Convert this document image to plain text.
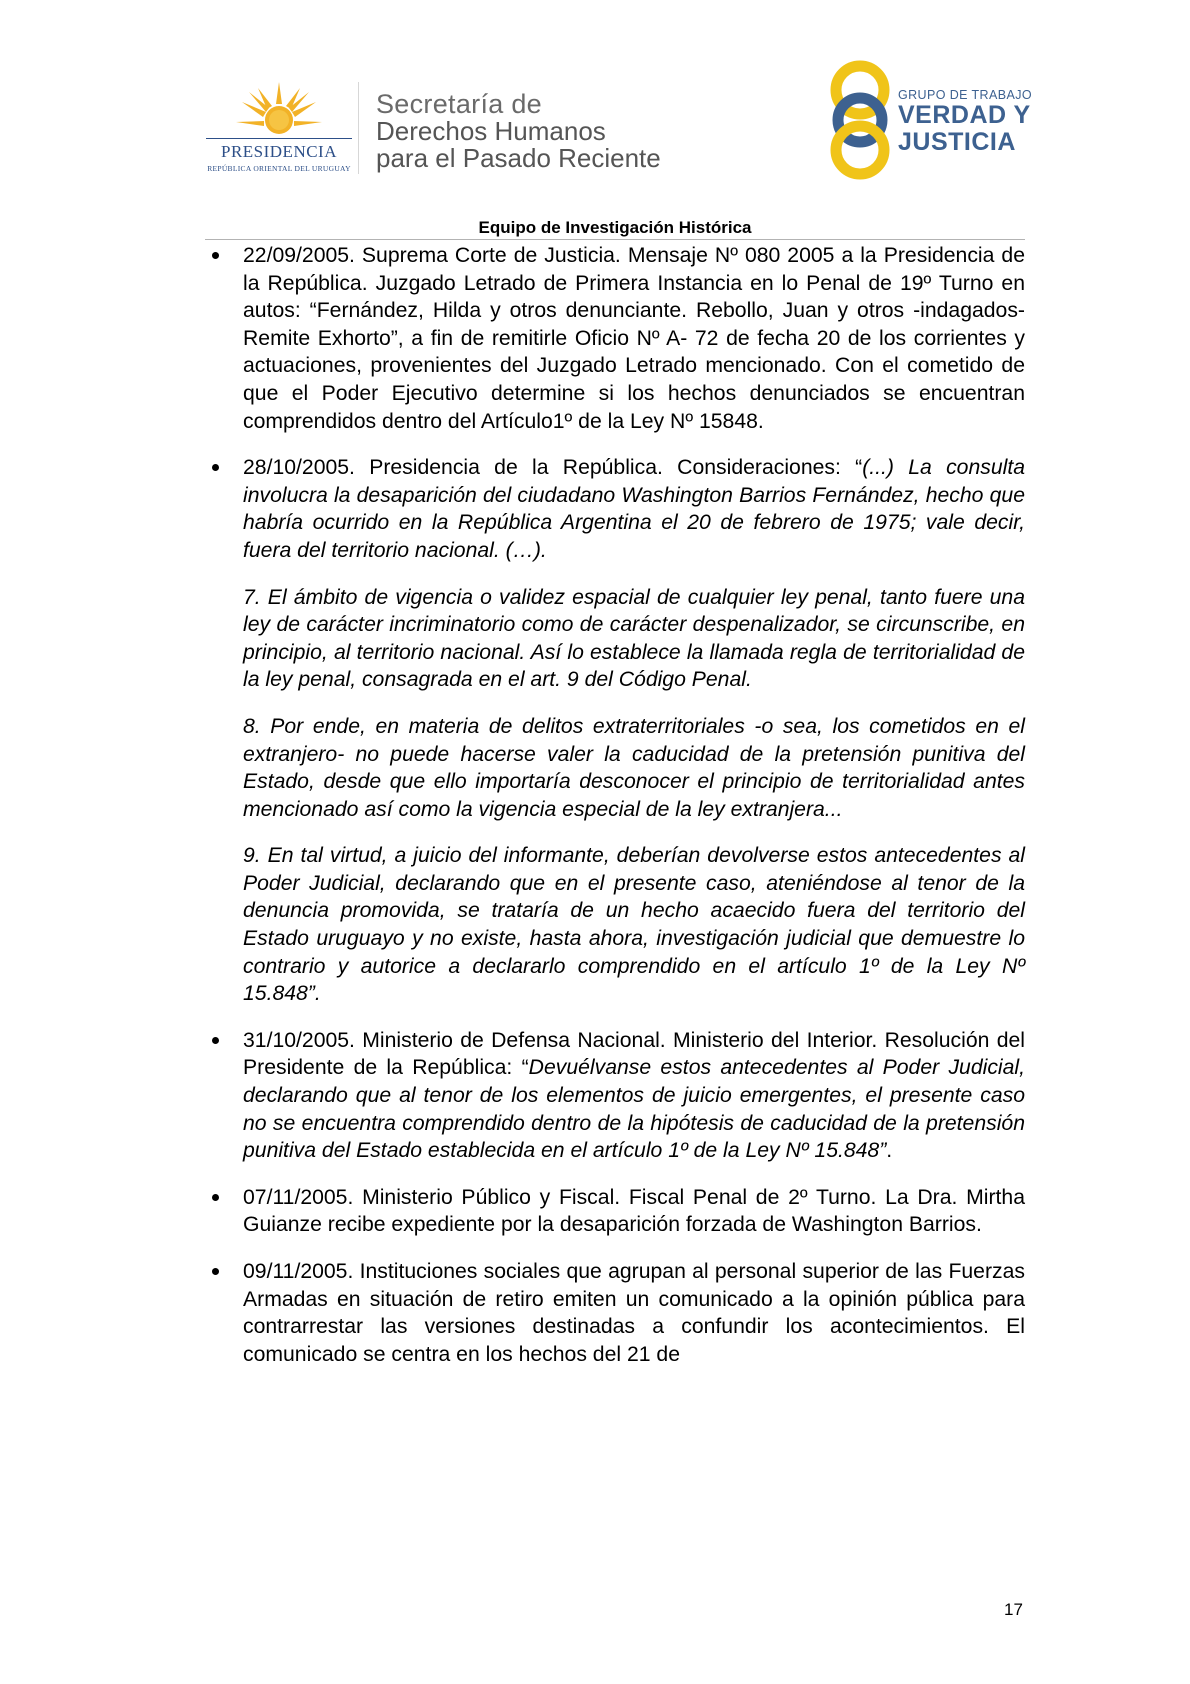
PRESIDENCIA
REPÚBLICA ORIENTAL DEL URUGUAY
Secretaría de
Derechos Humanos
para el Pasado Reciente
GRUPO DE TRABAJO
VERDAD Y
JUSTICIA
Equipo de Investigación Histórica

22/09/2005. Suprema Corte de Justicia. Mensaje Nº 080 2005 a la Presidencia de la República. Juzgado Letrado de Primera Instancia en lo Penal de 19º Turno en autos: “Fernández, Hilda y otros denunciante. Rebollo, Juan y otros -indagados- Remite Exhorto”, a fin de remitirle Oficio Nº A- 72 de fecha 20 de los corrientes y actuaciones, provenientes del Juzgado Letrado mencionado. Con el cometido de que el Poder Ejecutivo determine si los hechos denunciados se encuentran comprendidos dentro del Artículo1º de la Ley Nº 15848.

28/10/2005. Presidencia de la República. Consideraciones: “(...) La consulta involucra la desaparición del ciudadano Washington Barrios Fernández, hecho que habría ocurrido en la República Argentina el 20 de febrero de 1975; vale decir, fuera del territorio nacional. (…).

7. El ámbito de vigencia o validez espacial de cualquier ley penal, tanto fuere una ley de carácter incriminatorio como de carácter despenalizador, se circunscribe, en principio, al territorio nacional. Así lo establece la llamada regla de territorialidad de la ley penal, consagrada en el art. 9 del Código Penal.

8. Por ende, en materia de delitos extraterritoriales -o sea, los cometidos en el extranjero- no puede hacerse valer la caducidad de la pretensión punitiva del Estado, desde que ello importaría desconocer el principio de territorialidad antes mencionado así como la vigencia especial de la ley extranjera...

9. En tal virtud, a juicio del informante, deberían devolverse estos antecedentes al Poder Judicial, declarando que en el presente caso, ateniéndose al tenor de la denuncia promovida, se trataría de un hecho acaecido fuera del territorio del Estado uruguayo y no existe, hasta ahora, investigación judicial que demuestre lo contrario y autorice a declararlo comprendido en el artículo 1º de la Ley Nº 15.848”.

31/10/2005. Ministerio de Defensa Nacional. Ministerio del Interior. Resolución del Presidente de la República: “Devuélvanse estos antecedentes al Poder Judicial, declarando que al tenor de los elementos de juicio emergentes, el presente caso no se encuentra comprendido dentro de la hipótesis de caducidad de la pretensión punitiva del Estado establecida en el artículo 1º de la Ley Nº 15.848”.

07/11/2005. Ministerio Público y Fiscal. Fiscal Penal de 2º Turno. La Dra. Mirtha Guianze recibe expediente por la desaparición forzada de Washington Barrios.

09/11/2005. Instituciones sociales que agrupan al personal superior de las Fuerzas Armadas en situación de retiro emiten un comunicado a la opinión pública para contrarrestar las versiones destinadas a confundir los acontecimientos. El comunicado se centra en los hechos del 21 de

17
